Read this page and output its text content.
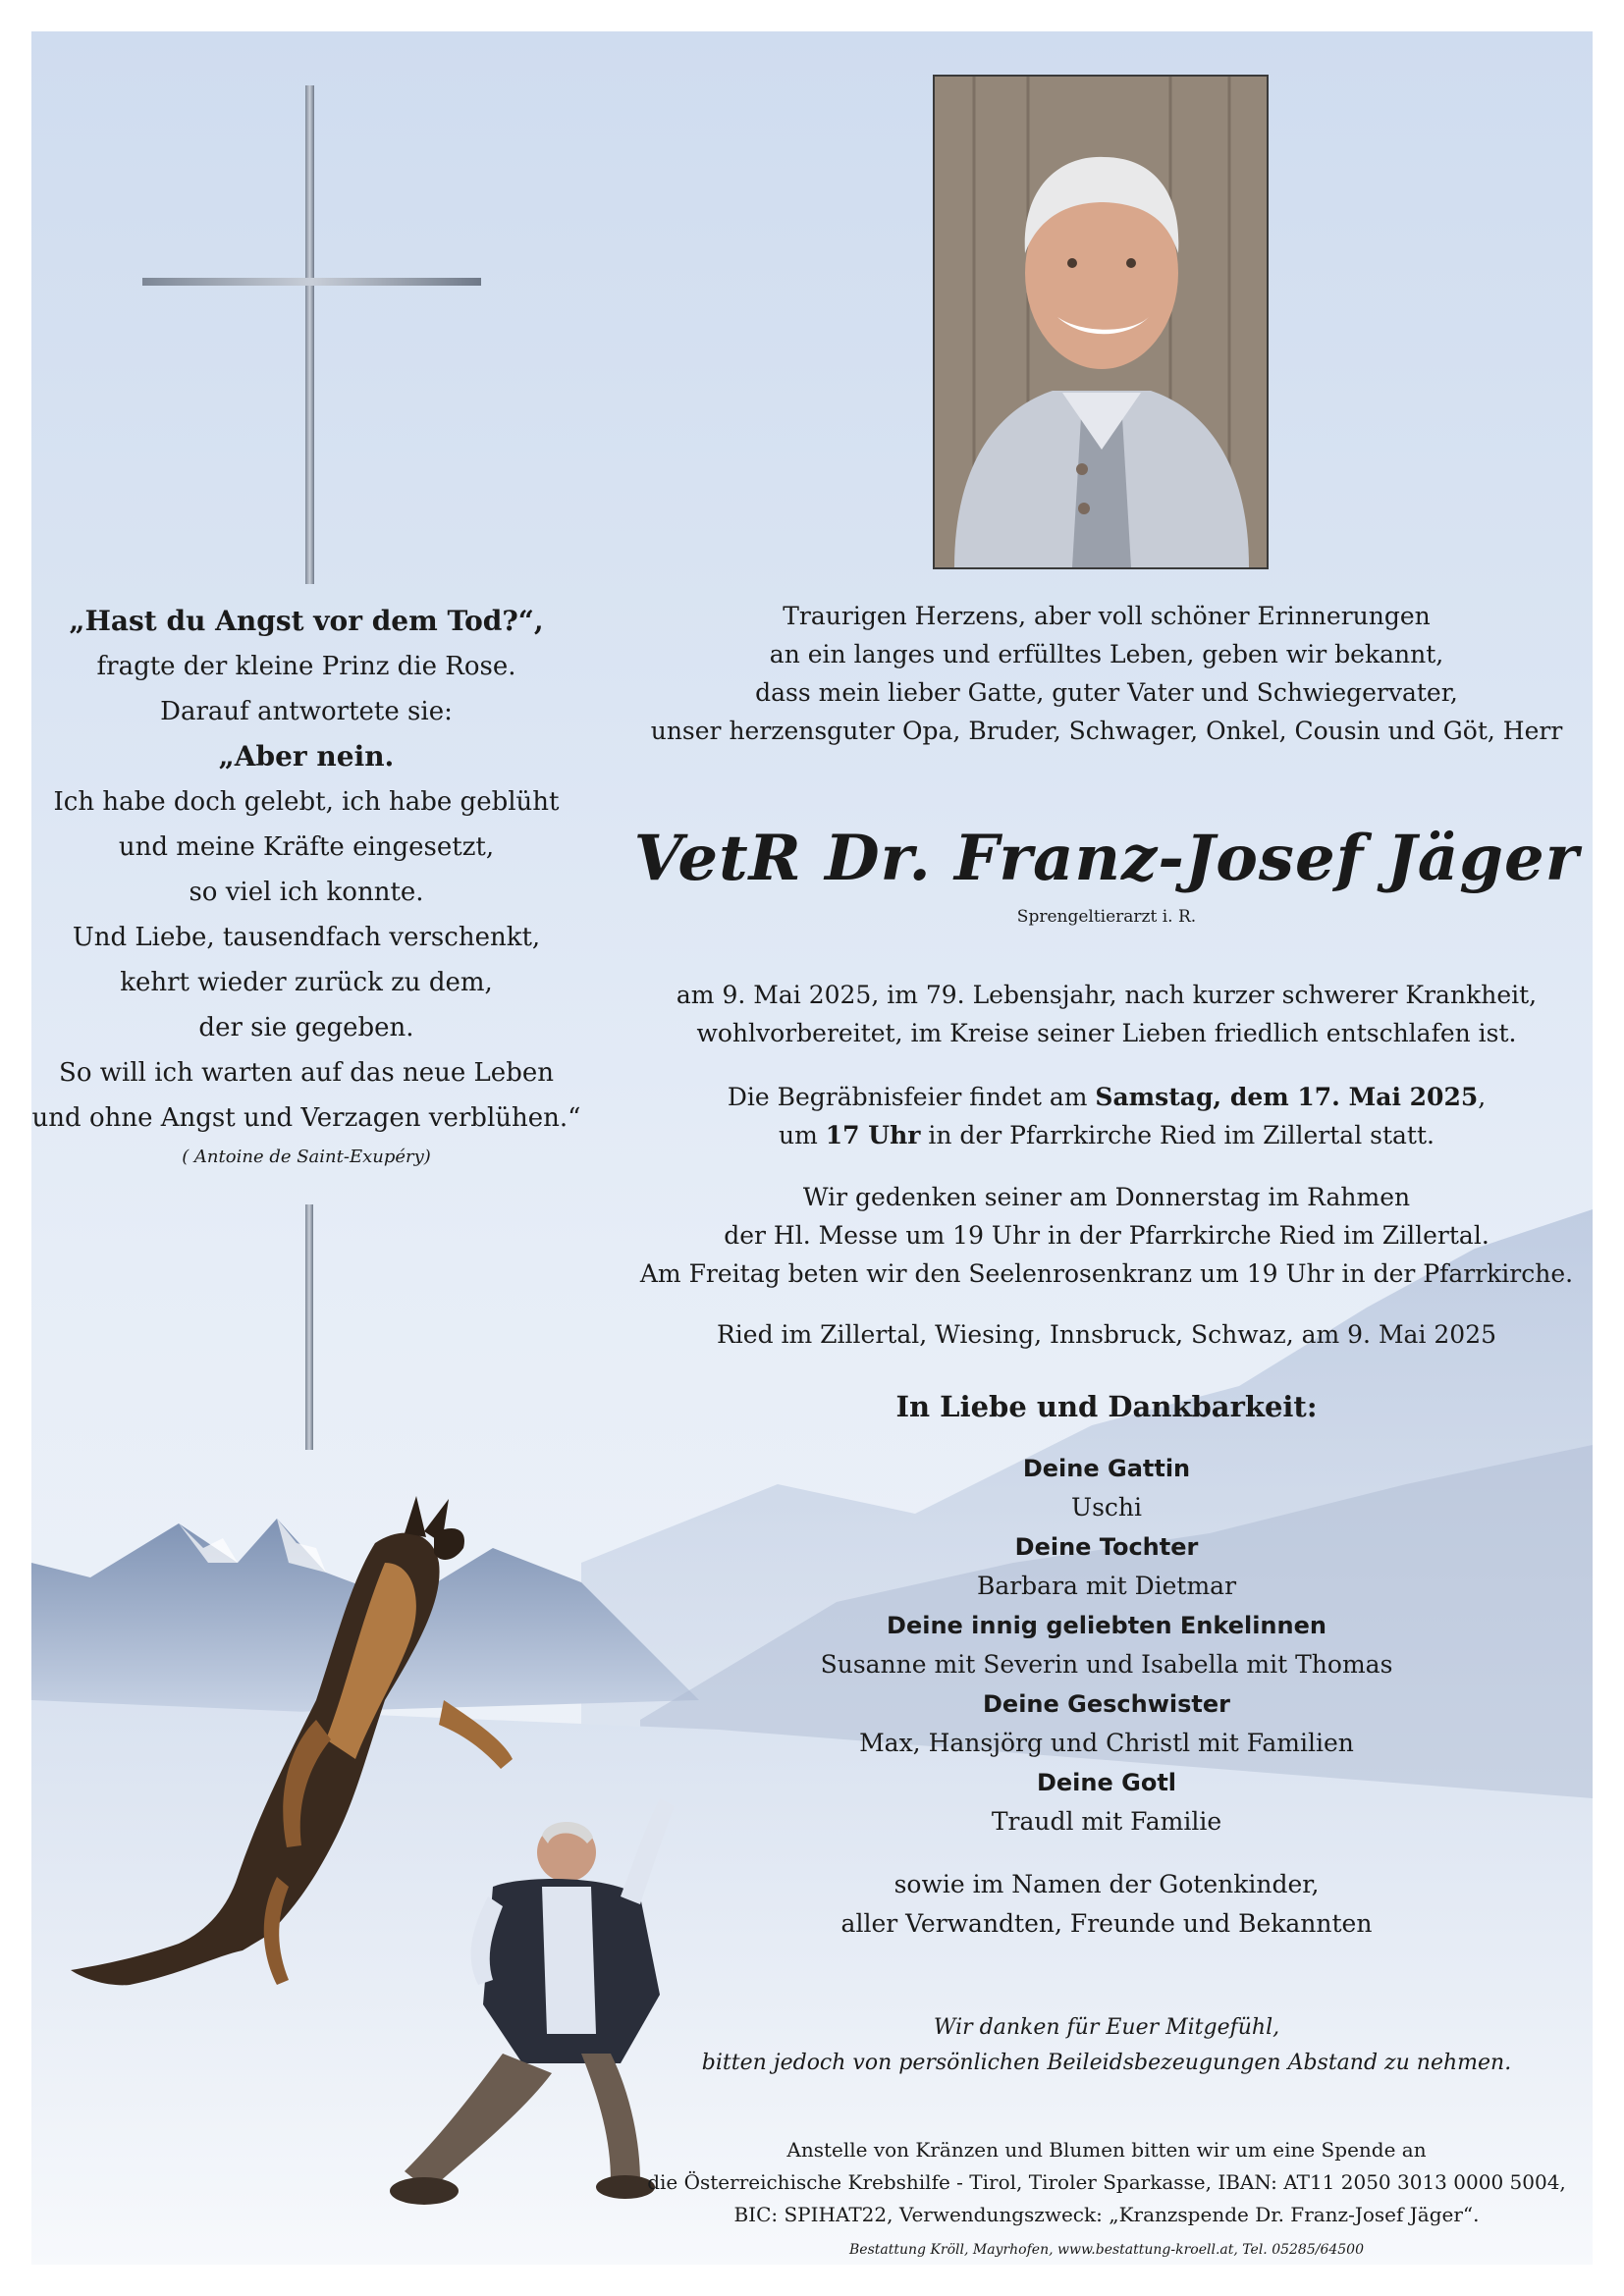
„Hast du Angst vor dem Tod?“,

fragte der kleine Prinz die Rose.

Darauf antwortete sie:

„Aber nein.

Ich habe doch gelebt, ich habe geblüht

und meine Kräfte eingesetzt,

so viel ich konnte.

Und Liebe, tausendfach verschenkt,

kehrt wieder zurück zu dem,

der sie gegeben.

So will ich warten auf das neue Leben

und ohne Angst und Verzagen verblühen.“

( Antoine de Saint-Exupéry)

Traurigen Herzens, aber voll schöner Erinnerungen

an ein langes und erfülltes Leben, geben wir bekannt,

dass mein lieber Gatte, guter Vater und Schwiegervater,

unser herzensguter Opa, Bruder, Schwager, Onkel, Cousin und Göt, Herr

VetR Dr. Franz-Josef Jäger
Sprengeltierarzt i. R.

am 9. Mai 2025, im 79. Lebensjahr, nach kurzer schwerer Krankheit,

wohlvorbereitet, im Kreise seiner Lieben friedlich entschlafen ist.

Die Begräbnisfeier findet am Samstag, dem 17. Mai 2025,

um 17 Uhr in der Pfarrkirche Ried im Zillertal statt.

Wir gedenken seiner am Donnerstag im Rahmen

der Hl. Messe um 19 Uhr in der Pfarrkirche Ried im Zillertal.

Am Freitag beten wir den Seelenrosenkranz um 19 Uhr in der Pfarrkirche.

Ried im Zillertal, Wiesing, Innsbruck, Schwaz, am 9. Mai 2025
In Liebe und Dankbarkeit:

Deine Gattin

Uschi

Deine Tochter

Barbara mit Dietmar

Deine innig geliebten Enkelinnen

Susanne mit Severin und Isabella mit Thomas

Deine Geschwister

Max, Hansjörg und Christl mit Familien

Deine Gotl

Traudl mit Familie

sowie im Namen der Gotenkinder,

aller Verwandten, Freunde und Bekannten

Wir danken für Euer Mitgefühl,

bitten jedoch von persönlichen Beileidsbezeugungen Abstand zu nehmen.

Anstelle von Kränzen und Blumen bitten wir um eine Spende an

die Österreichische Krebshilfe - Tirol, Tiroler Sparkasse, IBAN: AT11 2050 3013 0000 5004,

BIC: SPIHAT22, Verwendungszweck: „Kranzspende Dr. Franz-Josef Jäger“.

Bestattung Kröll, Mayrhofen, www.bestattung-kroell.at, Tel. 05285/64500
